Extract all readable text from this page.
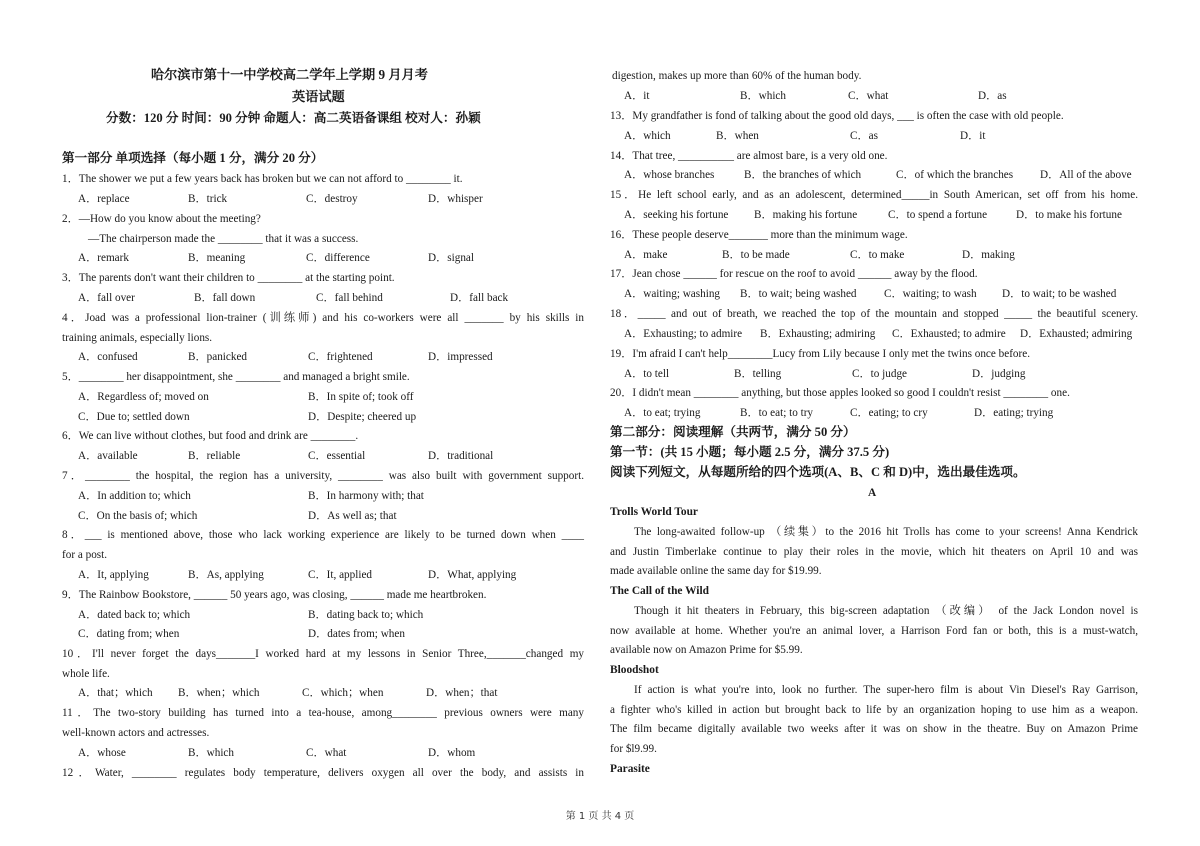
哈尔滨市第十一中学校高二学年上学期 9 月月考
英语试题
分数：120 分 时间：90 分钟 命题人：高二英语备课组 校对人：孙颖
第一部分 单项选择（每小题 1 分，满分 20 分）
1．The shower we put a few years back has broken but we can not afford to ________ it.
A．replace	B．trick	C．destroy	D．whisper
2．—How do you know about the meeting?
—The chairperson made the ________ that it was a success.
A．remark	B．meaning	C．difference	D．signal
3．The parents don't want their children to ________ at the starting point.
A．fall over	B．fall down	C．fall behind	D．fall back
4．Joad was a professional lion-trainer (训练师) and his co-workers were all _______ by his skills in
training animals, especially lions.
A．confused	B．panicked	C．frightened	D．impressed
5．________ her disappointment, she ________ and managed a bright smile.
A．Regardless of; moved on	B．In spite of; took off
C．Due to; settled down	D．Despite; cheered up
6．We can live without clothes, but food and drink are ________.
A．available	B．reliable	C．essential	D．traditional
7．________ the hospital, the region has a university, ________ was also built with government support.
A．In addition to; which	B．In harmony with; that
C．On the basis of; which	D．As well as; that
8．___ is mentioned above, those who lack working experience are likely to be turned down when ____
for a post.
A．It, applying	B．As, applying	C．It, applied	D．What, applying
9．The Rainbow Bookstore, ______ 50 years ago, was closing, ______ made me heartbroken.
A．dated back to; which	B．dating back to; which
C．dating from; when	D．dates from; when
10．I'll never forget the days_______I worked hard at my lessons in Senior Three,_______changed my
whole life.
A．that；which B．when；which	C．which；when	D．when；that
11．The two-story building has turned into a tea-house, among________ previous owners were many
well-known actors and actresses.
A．whose	B．which	C．what	D．whom
12．Water, ________ regulates body temperature, delivers oxygen all over the body, and assists in
digestion, makes up more than 60% of the human body.
A．it	B．which	C．what	D．as
13．My grandfather is fond of talking about the good old days, ___ is often the case with old people.
A．which	B．when	C．as	D．it
14．That tree, __________ are almost bare, is a very old one.
A．whose branches	B．the branches of which	C．of which the branches D．All of the above
15．He left school early, and as an adolescent, determined_____in South American, set off from his home.
A．seeking his fortune B．making his fortune	C．to spend a fortune	D．to make his fortune
16．These people deserve_______ more than the minimum wage.
A．make	B．to be made	C．to make	D．making
17．Jean chose ______ for rescue on the roof to avoid ______ away by the flood.
A．waiting; washing B．to wait; being washed C．waiting; to wash D．to wait; to be washed
18．_____ and out of breath, we reached the top of the mountain and stopped _____ the beautiful scenery.
A．Exhausting; to admire B．Exhausting; admiring C．Exhausted; to admire D．Exhausted; admiring
19．I'm afraid I can't help________Lucy from Lily because I only met the twins once before.
A．to tell	B．telling	C．to judge	D．judging
20．I didn't mean ________ anything, but those apples looked so good I couldn't resist ________ one.
A．to eat; trying	B．to eat; to try	C．eating; to cry	D．eating; trying
第二部分：阅读理解（共两节，满分 50 分）
第一节：(共 15 小题；每小题 2.5 分，满分 37.5 分)
阅读下列短文，从每题所给的四个选项(A、B、C 和 D)中，选出最佳选项。
A
Trolls World Tour
The long-awaited follow-up （续集）to the 2016 hit Trolls has come to your screens! Anna Kendrick
and Justin Timberlake continue to play their roles in the movie, which hit theaters on April 10 and was
made available online the same day for $19.99.
The Call of the Wild
Though it hit theaters in February, this big-screen adaptation （改编） of the Jack London novel is
now available at home. Whether you're an animal lover, a Harrison Ford fan or both, this is a must-watch,
available now on Amazon Prime for $5.99.
Bloodshot
If action is what you're into, look no further. The super-hero film is about Vin Diesel's Ray Garrison,
a fighter who's killed in action but brought back to life by an organization hoping to use him as a weapon.
The film became digitally available two weeks after it was on show in the theatre. Buy on Amazon Prime
for $l9.99.
Parasite
第 1 页 共 4 页
